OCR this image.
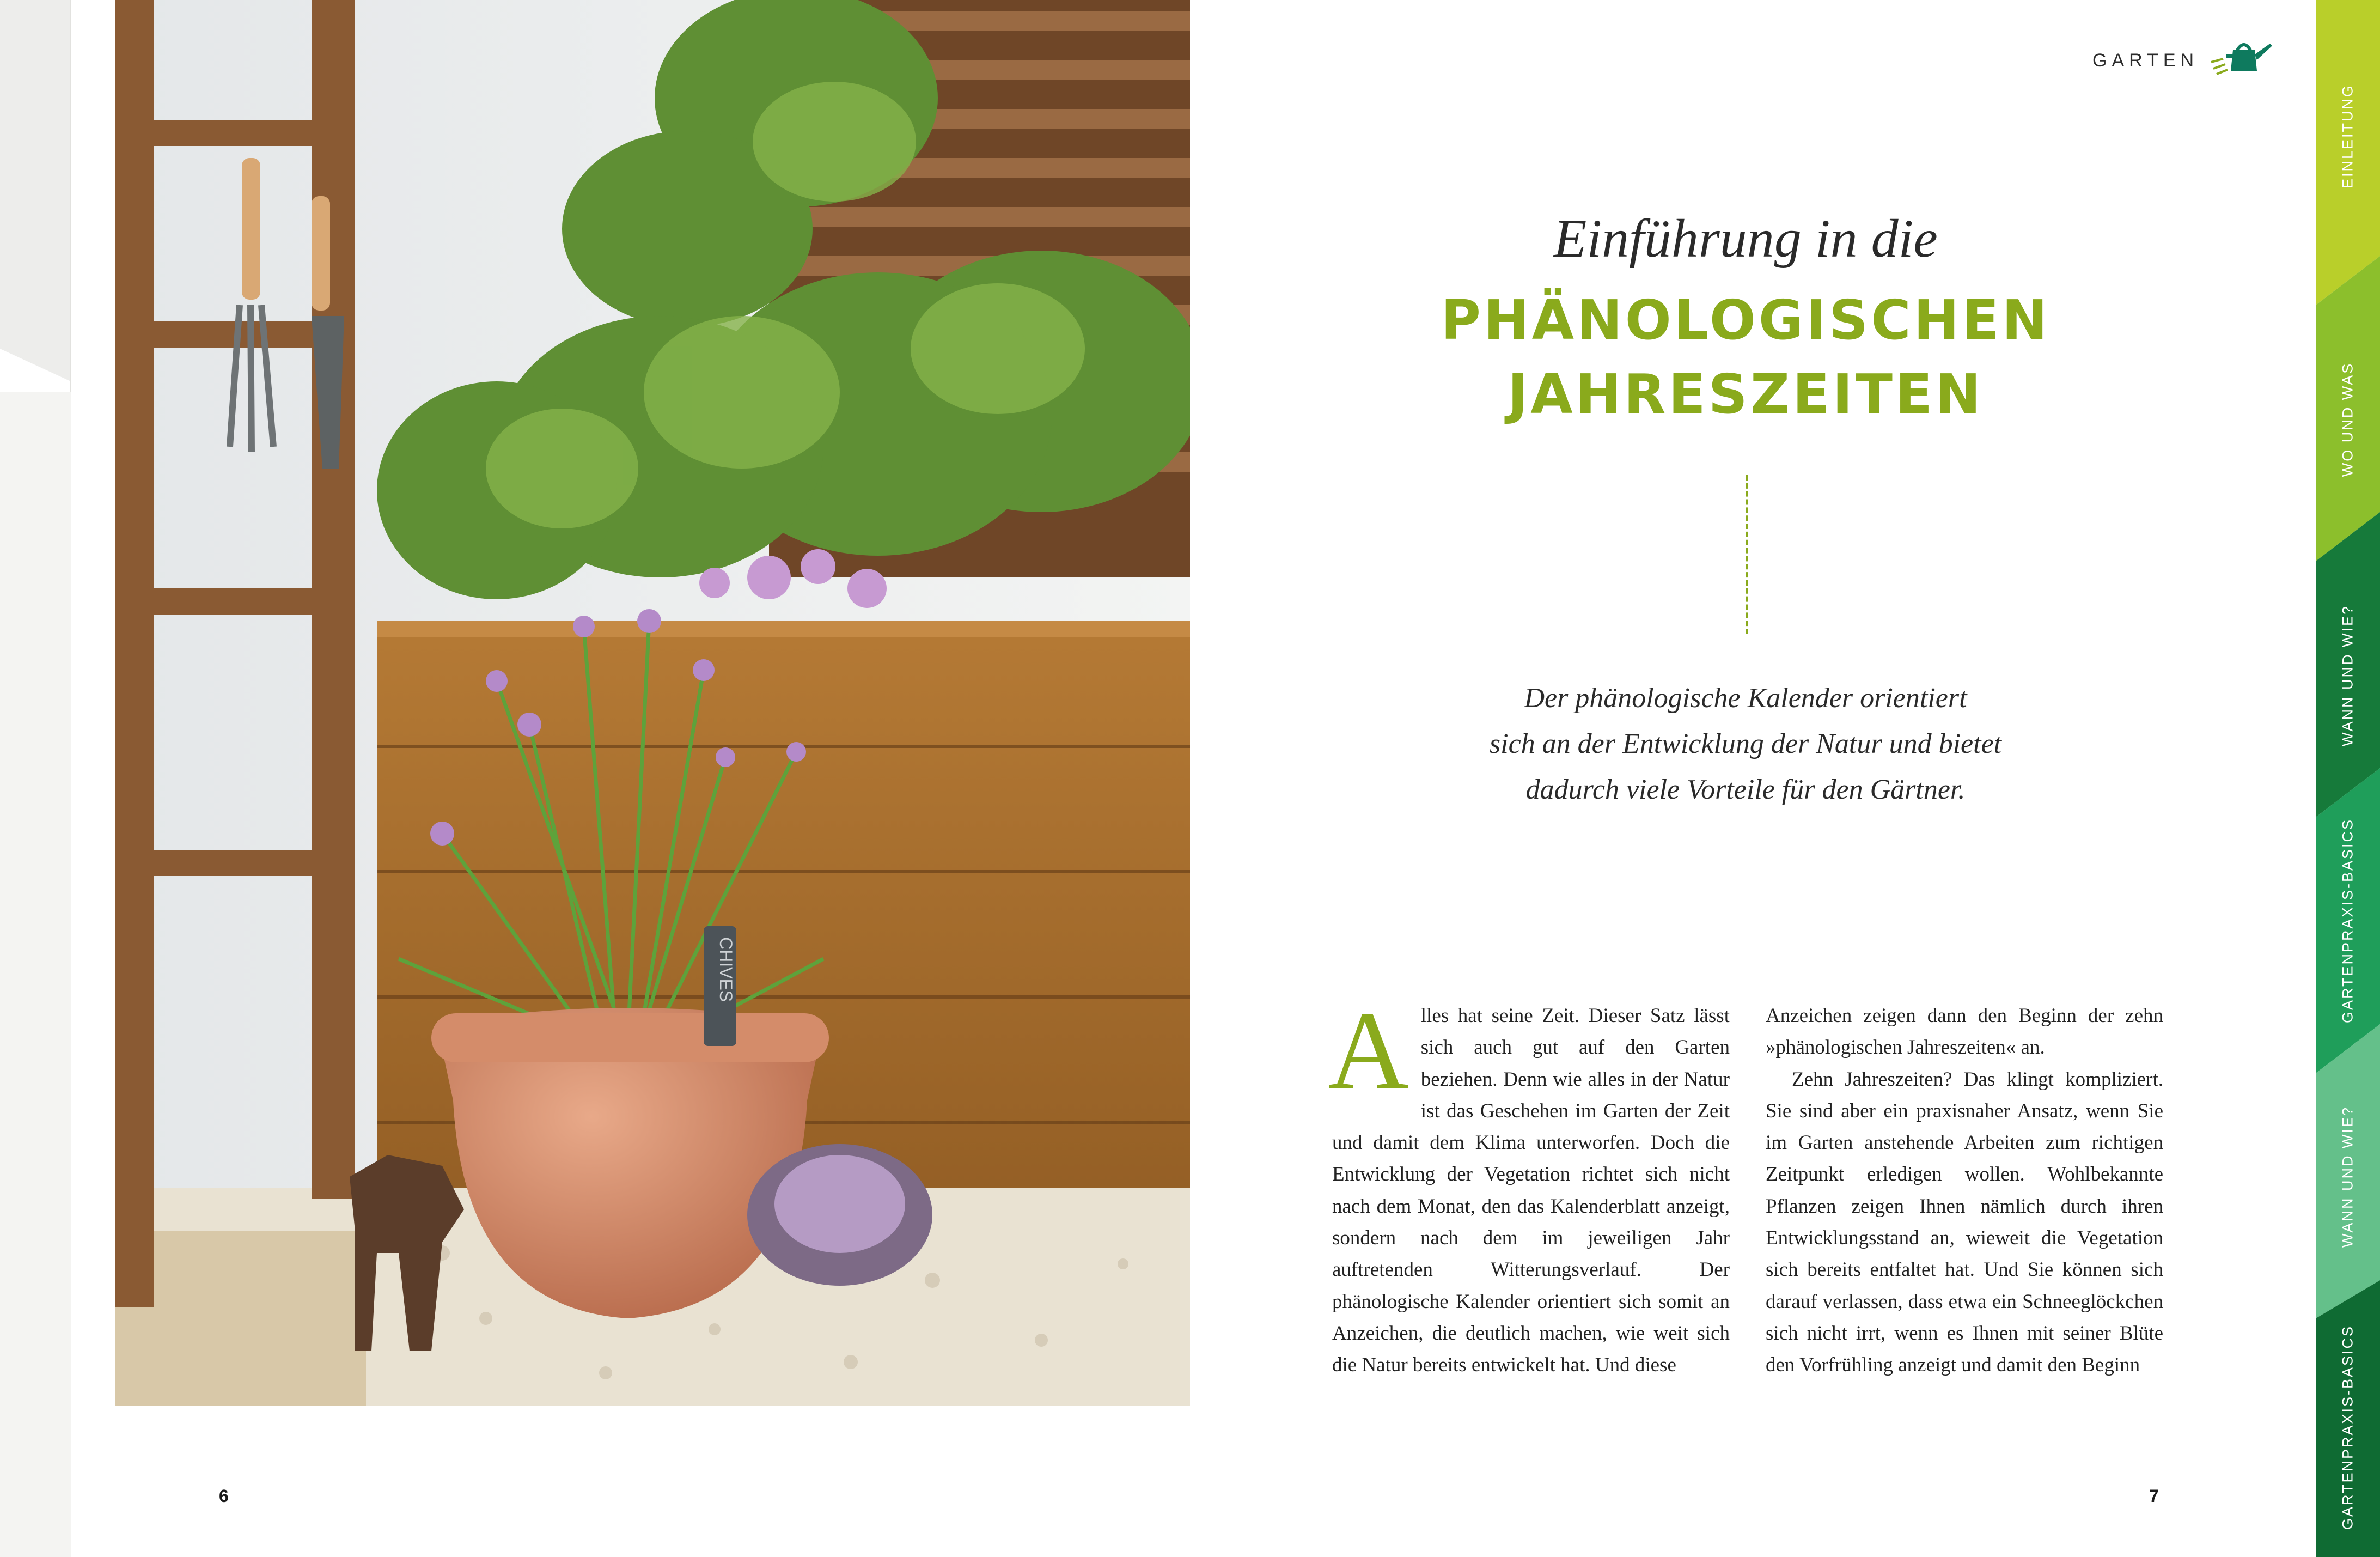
CHIVES
6
GARTEN
Einführung in die
PHÄNOLOGISCHEN
JAHRESZEITEN
Der phänologische Kalender orientiert
sich an der Entwicklung der Natur und bietet
dadurch viele Vorteile für den Gärtner.
A lles hat seine Zeit. Dieser Satz lässt sich auch gut auf den Garten beziehen. Denn wie alles in der Natur ist das Geschehen im Garten der Zeit und damit dem Klima unterworfen. Doch die Entwicklung der Vegetation richtet sich nicht nach dem Monat, den das Kalenderblatt anzeigt, sondern nach dem im jeweiligen Jahr auftretenden Witterungsverlauf. Der phänologische Kalender orientiert sich somit an Anzeichen, die deutlich machen, wie weit sich die Natur bereits entwickelt hat. Und diese

Anzeichen zeigen dann den Beginn der zehn »phänologischen Jahreszeiten« an.

Zehn Jahreszeiten? Das klingt kompliziert. Sie sind aber ein praxisnaher Ansatz, wenn Sie im Garten anstehende Arbeiten zum richtigen Zeitpunkt erledigen wollen. Wohlbekannte Pflanzen zeigen Ihnen nämlich durch ihren Entwicklungsstand an, wieweit die Vegetation sich bereits entfaltet hat. Und Sie können sich darauf verlassen, dass etwa ein Schneeglöckchen sich nicht irrt, wenn es Ihnen mit seiner Blüte den Vorfrühling anzeigt und damit den Beginn

7
EINLEITUNG
WO UND WAS
WANN UND WIE?
GARTENPRAXIS-BASICS
WANN UND WIE?
GARTENPRAXIS-BASICS
